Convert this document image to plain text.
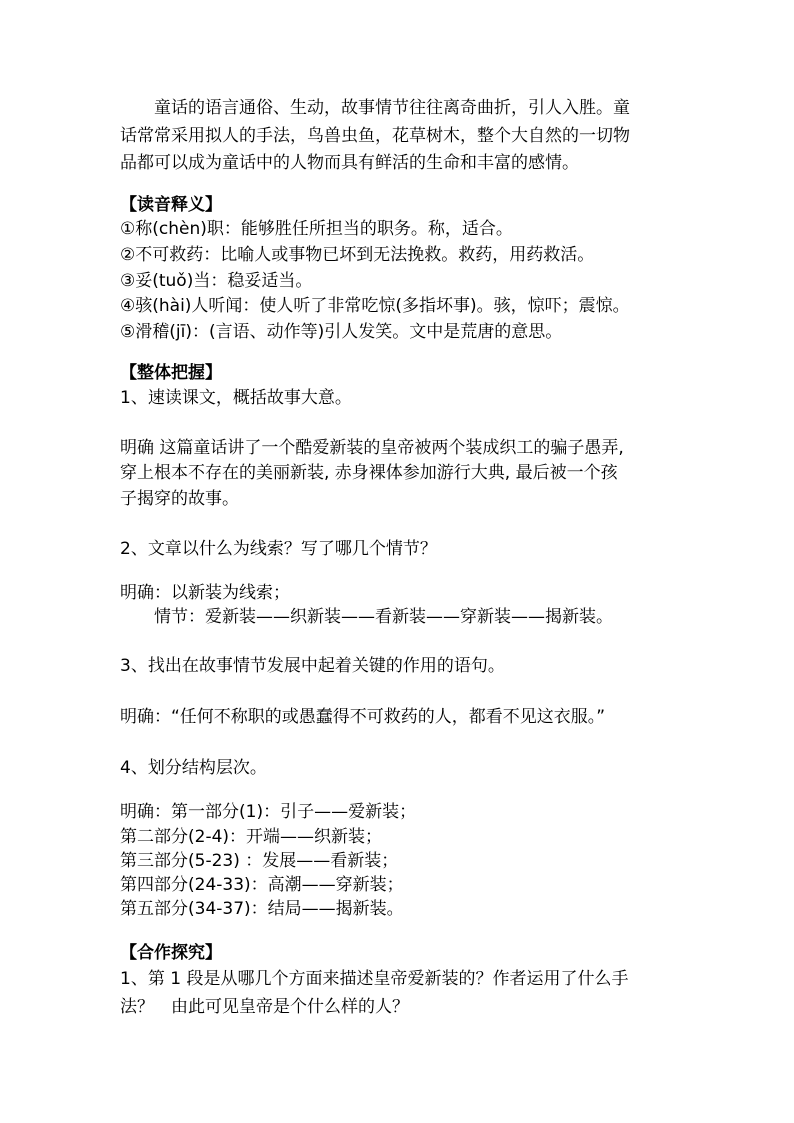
　　童话的语言通俗、生动，故事情节往往离奇曲折，引人入胜。童
话常常采用拟人的手法，鸟兽虫鱼，花草树木，整个大自然的一切物
品都可以成为童话中的人物而具有鲜活的生命和丰富的感情。
【读音释义】
①称(chèn)职：能够胜任所担当的职务。称，适合。
②不可救药：比喻人或事物已坏到无法挽救。救药，用药救活。
③妥(tuǒ)当：稳妥适当。
④骇(hài)人听闻：使人听了非常吃惊(多指坏事)。骇，惊吓；震惊。
⑤滑稽(jī)：(言语、动作等)引人发笑。文中是荒唐的意思。
【整体把握】
1、速读课文，概括故事大意。
明确 这篇童话讲了一个酷爱新装的皇帝被两个装成织工的骗子愚弄,
穿上根本不存在的美丽新装, 赤身裸体参加游行大典, 最后被一个孩
子揭穿的故事。
2、文章以什么为线索？写了哪几个情节？
明确：以新装为线索；
　　情节：爱新装——织新装——看新装——穿新装——揭新装。
3、找出在故事情节发展中起着关键的作用的语句。
明确：“任何不称职的或愚蠢得不可救药的人，都看不见这衣服。”
4、划分结构层次。
明确：第一部分(1)：引子——爱新装；
第二部分(2-4)：开端——织新装；
第三部分(5-23) ：发展——看新装；
第四部分(24-33)：高潮——穿新装；
第五部分(34-37)：结局——揭新装。
【合作探究】
1、第 1 段是从哪几个方面来描述皇帝爱新装的？作者运用了什么手
法？　由此可见皇帝是个什么样的人？
